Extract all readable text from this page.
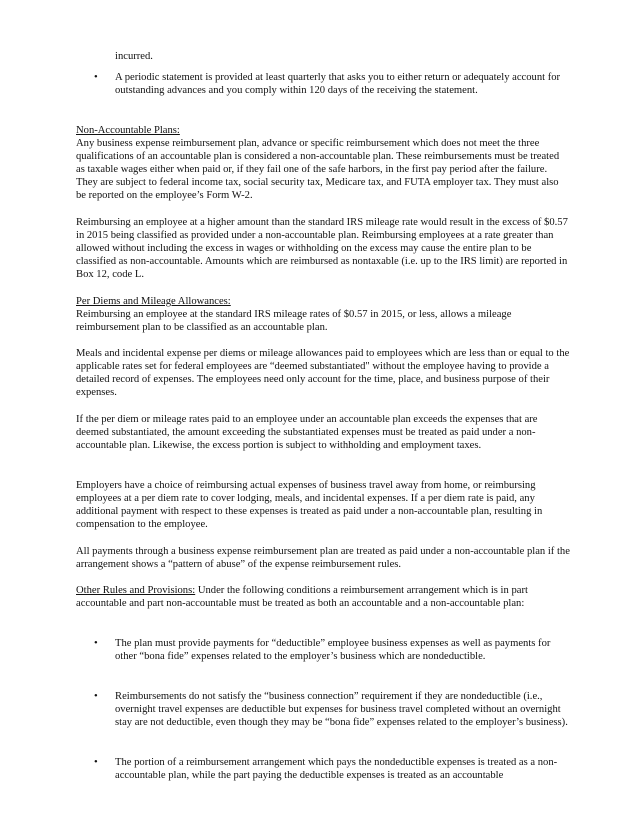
incurred.
• A periodic statement is provided at least quarterly that asks you to either return or adequately account for outstanding advances and you comply within 120 days of the receiving the statement.
Non-Accountable Plans:
Any business expense reimbursement plan, advance or specific reimbursement which does not meet the three qualifications of an accountable plan is considered a non-accountable plan. These reimbursements must be treated as taxable wages either when paid or, if they fail one of the safe harbors, in the first pay period after the failure. They are subject to federal income tax, social security tax, Medicare tax, and FUTA employer tax. They must also be reported on the employee’s Form W-2.
Reimbursing an employee at a higher amount than the standard IRS mileage rate would result in the excess of $0.57 in 2015 being classified as provided under a non-accountable plan. Reimbursing employees at a rate greater than allowed without including the excess in wages or withholding on the excess may cause the entire plan to be classified as non-accountable. Amounts which are reimbursed as nontaxable (i.e. up to the IRS limit) are reported in Box 12, code L.
Per Diems and Mileage Allowances:
Reimbursing an employee at the standard IRS mileage rates of $0.57 in 2015, or less, allows a mileage reimbursement plan to be classified as an accountable plan.
Meals and incidental expense per diems or mileage allowances paid to employees which are less than or equal to the applicable rates set for federal employees are “deemed substantiated" without the employee having to provide a detailed record of expenses. The employees need only account for the time, place, and business purpose of their expenses.
If the per diem or mileage rates paid to an employee under an accountable plan exceeds the expenses that are deemed substantiated, the amount exceeding the substantiated expenses must be treated as paid under a non-accountable plan. Likewise, the excess portion is subject to withholding and employment taxes.
Employers have a choice of reimbursing actual expenses of business travel away from home, or reimbursing employees at a per diem rate to cover lodging, meals, and incidental expenses. If a per diem rate is paid, any additional payment with respect to these expenses is treated as paid under a non-accountable plan, resulting in compensation to the employee.
All payments through a business expense reimbursement plan are treated as paid under a non-accountable plan if the arrangement shows a “pattern of abuse” of the expense reimbursement rules.
Other Rules and Provisions: Under the following conditions a reimbursement arrangement which is in part accountable and part non-accountable must be treated as both an accountable and a non-accountable plan:
• The plan must provide payments for “deductible” employee business expenses as well as payments for other “bona fide” expenses related to the employer’s business which are nondeductible.
• Reimbursements do not satisfy the “business connection” requirement if they are nondeductible (i.e., overnight travel expenses are deductible but expenses for business travel completed without an overnight stay are not deductible, even though they may be “bona fide” expenses related to the employer’s business).
• The portion of a reimbursement arrangement which pays the nondeductible expenses is treated as a non-accountable plan, while the part paying the deductible expenses is treated as an accountable
